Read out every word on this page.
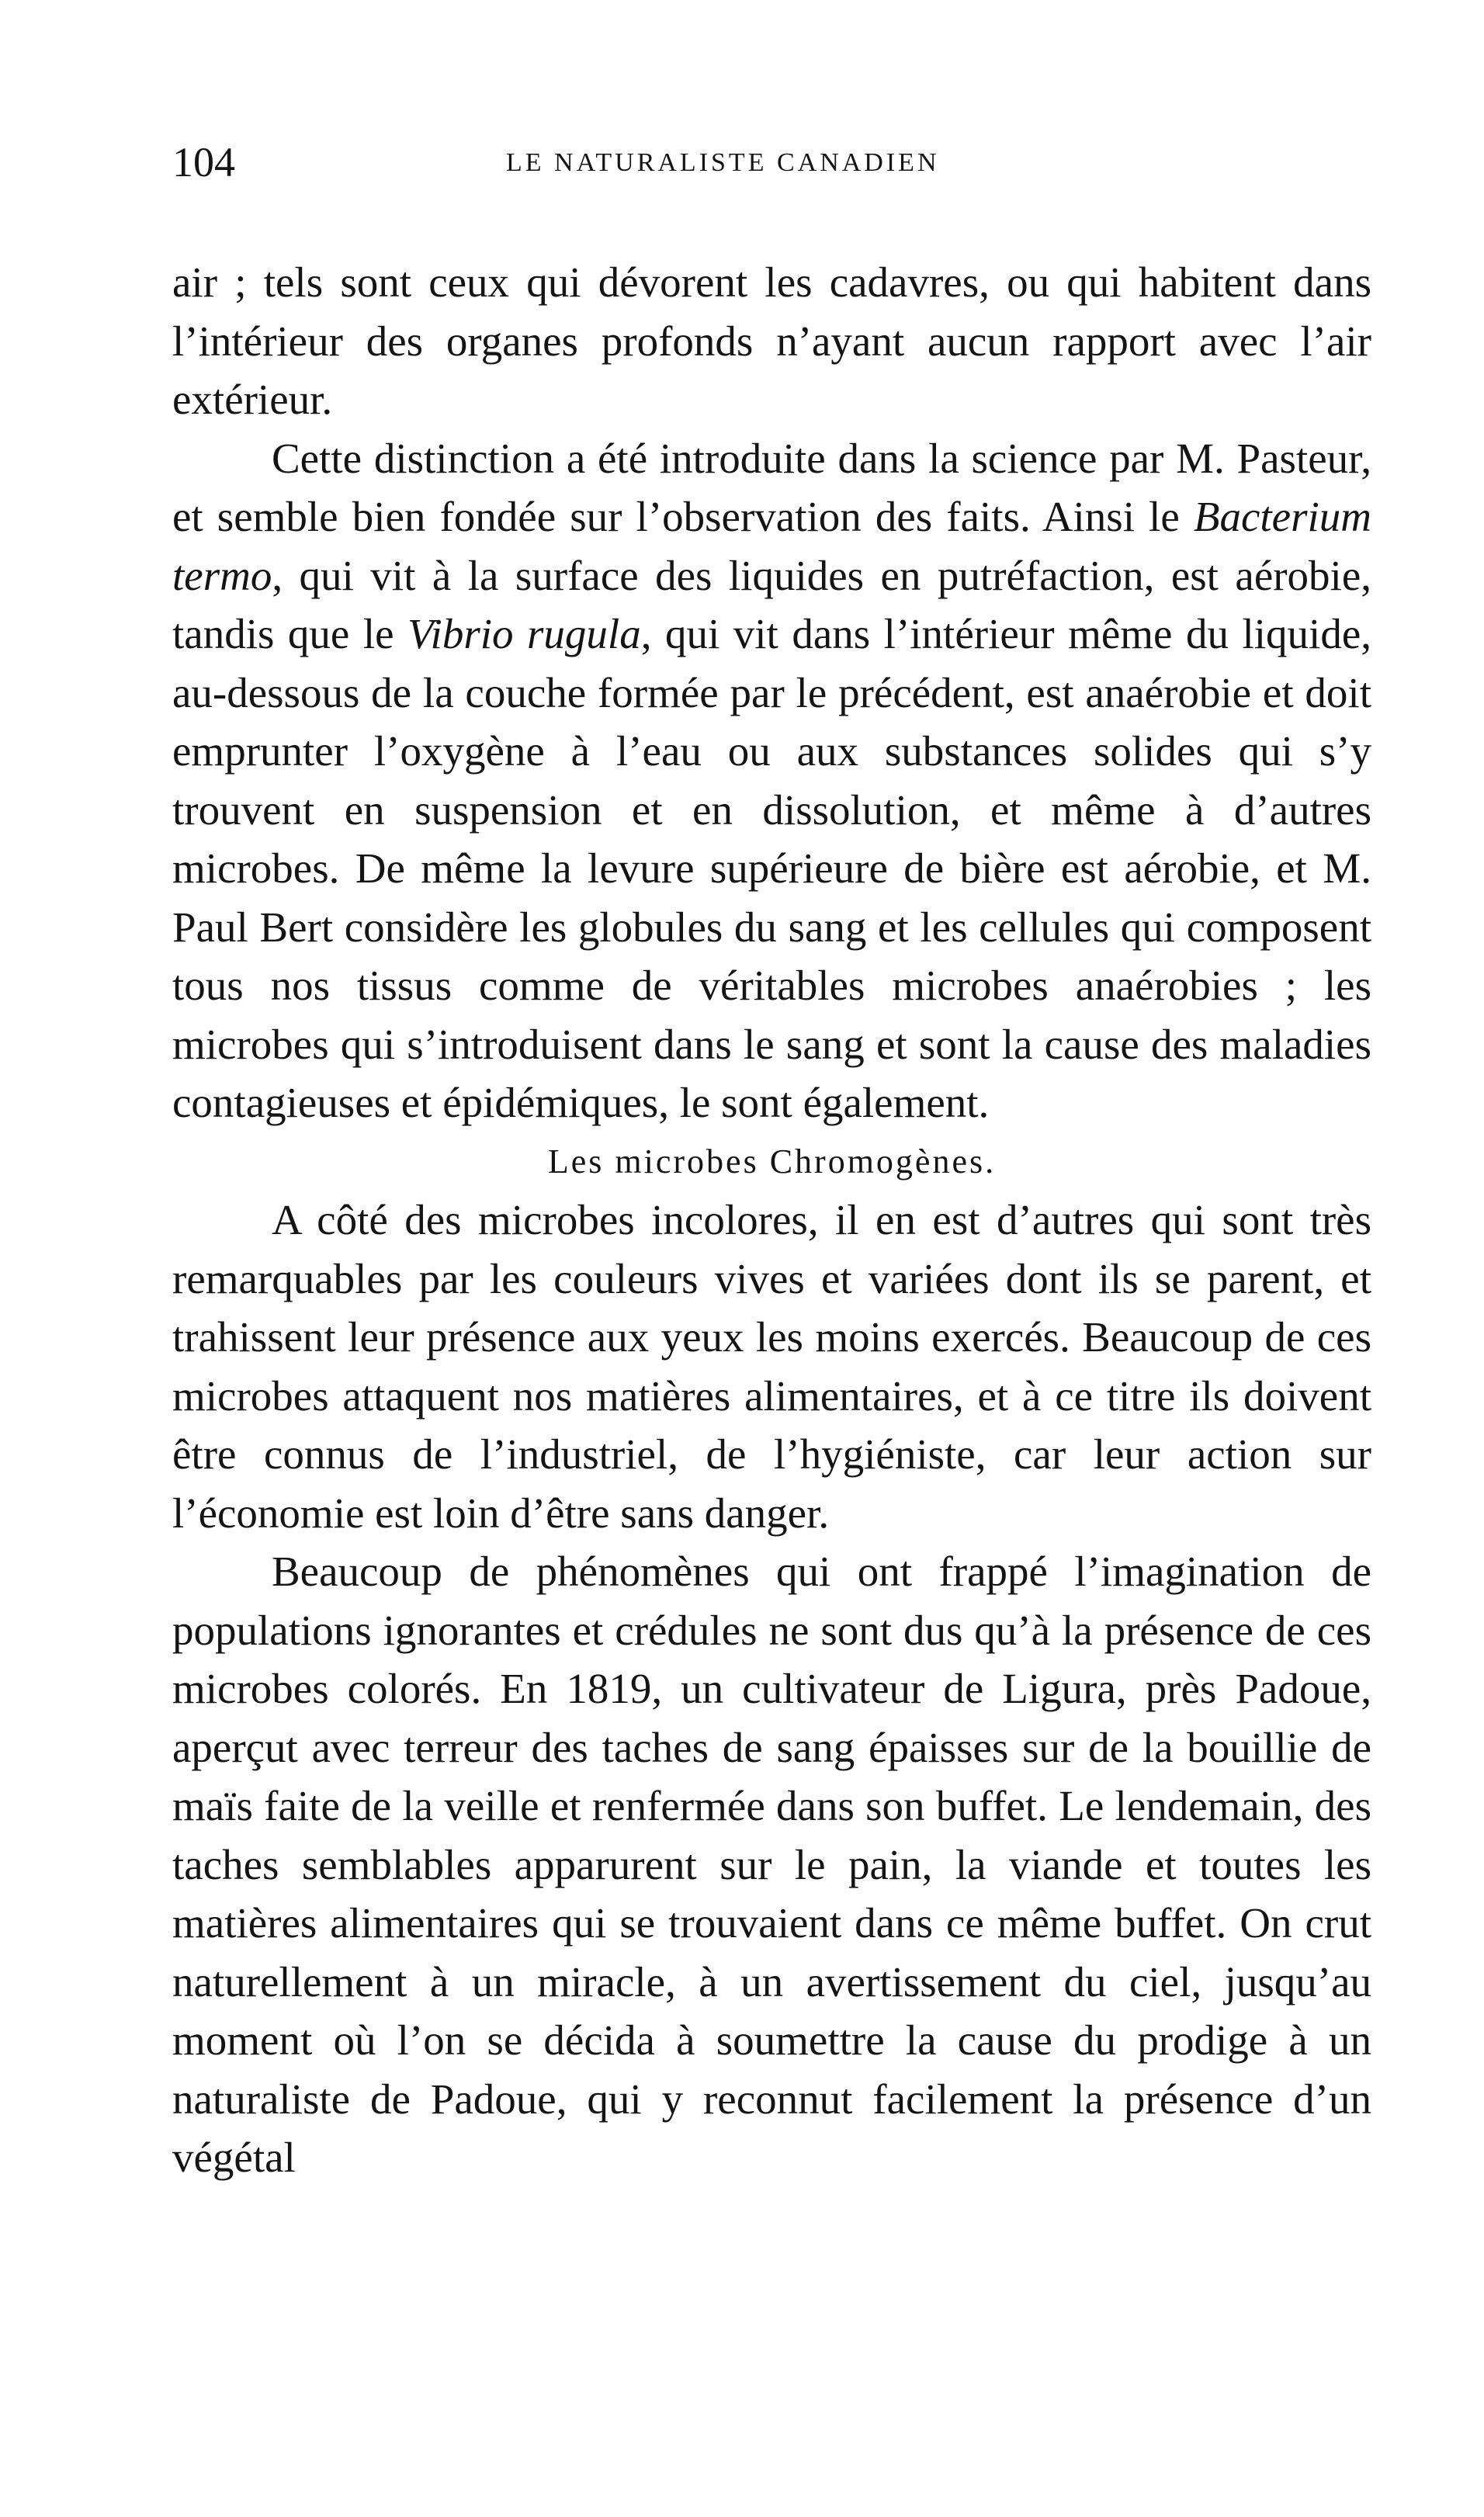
104	LE NATURALISTE CANADIEN

air ; tels sont ceux qui dévorent les cadavres, ou qui habitent dans l’intérieur des organes profonds n’ayant aucun rapport avec l’air extérieur.

Cette distinction a été introduite dans la science par M. Pasteur, et semble bien fondée sur l’observation des faits. Ainsi le Bacterium termo, qui vit à la surface des liquides en putréfaction, est aérobie, tandis que le Vibrio rugula, qui vit dans l’intérieur même du liquide, au-dessous de la couche formée par le précédent, est anaérobie et doit emprunter l’oxygène à l’eau ou aux substances solides qui s’y trouvent en suspension et en dissolution, et même à d’autres microbes. De même la levure supérieure de bière est aérobie, et M. Paul Bert considère les globules du sang et les cellules qui composent tous nos tissus comme de véritables microbes anaérobies ; les microbes qui s’introduisent dans le sang et sont la cause des maladies contagieuses et épidémiques, le sont également.

Les microbes Chromogènes.

A côté des microbes incolores, il en est d’autres qui sont très remarquables par les couleurs vives et variées dont ils se parent, et trahissent leur présence aux yeux les moins exercés. Beaucoup de ces microbes attaquent nos matières alimentaires, et à ce titre ils doivent être connus de l’industriel, de l’hygiéniste, car leur action sur l’économie est loin d’être sans danger.

Beaucoup de phénomènes qui ont frappé l’imagination de populations ignorantes et crédules ne sont dus qu’à la présence de ces microbes colorés. En 1819, un cultivateur de Ligura, près Padoue, aperçut avec terreur des taches de sang épaisses sur de la bouillie de maïs faite de la veille et renfermée dans son buffet. Le lendemain, des taches semblables apparurent sur le pain, la viande et toutes les matières alimentaires qui se trouvaient dans ce même buffet. On crut naturellement à un miracle, à un avertissement du ciel, jusqu’au moment où l’on se décida à soumettre la cause du prodige à un naturaliste de Padoue, qui y reconnut facilement la présence d’un végétal
